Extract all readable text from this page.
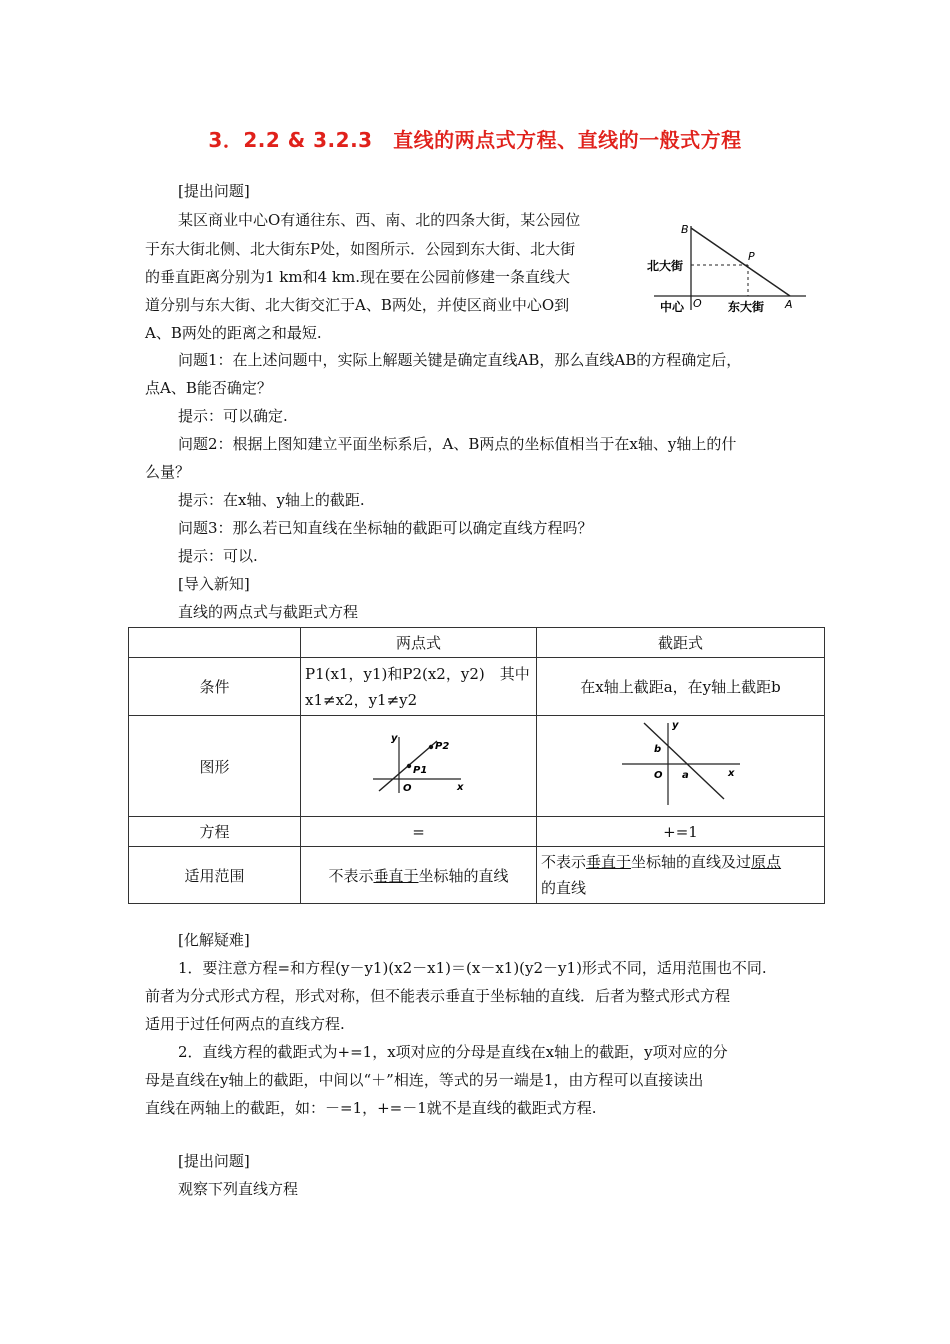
3．2.2 & 3.2.3　直线的两点式方程、直线的一般式方程
[提出问题]
某区商业中心O有通往东、西、南、北的四条大街，某公园位
于东大街北侧、北大街东P处，如图所示．公园到东大街、北大街
的垂直距离分别为1 km和4 km.现在要在公园前修建一条直线大
道分别与东大街、北大街交汇于A、B两处，并使区商业中心O到
A、B两处的距离之和最短.
B
P
北大街
中心 O 东大街 A
问题1：在上述问题中，实际上解题关键是确定直线AB，那么直线AB的方程确定后，
点A、B能否确定？
提示：可以确定.
问题2：根据上图知建立平面坐标系后，A、B两点的坐标值相当于在x轴、y轴上的什
么量？
提示：在x轴、y轴上的截距.
问题3：那么若已知直线在坐标轴的截距可以确定直线方程吗？
提示：可以.
[导入新知]
直线的两点式与截距式方程
	两点式	截距式
条件	P1(x1，y1)和P2(x2，y2)　其中
x1≠x2，y1≠y2	在x轴上截距a，在y轴上截距b
图形	y
x
O
P1
P2	y
x
O a
b

方程	=	+=1
适用范围	不表示垂直于坐标轴的直线	不表示垂直于坐标轴的直线及过原点
的直线
[化解疑难]
1．要注意方程=和方程(y－y1)(x2－x1)＝(x－x1)(y2－y1)形式不同，适用范围也不同.
前者为分式形式方程，形式对称，但不能表示垂直于坐标轴的直线．后者为整式形式方程
适用于过任何两点的直线方程.
2．直线方程的截距式为+=1，x项对应的分母是直线在x轴上的截距，y项对应的分
母是直线在y轴上的截距，中间以“＋”相连，等式的另一端是1，由方程可以直接读出
直线在两轴上的截距，如：－=1，+=－1就不是直线的截距式方程.
[提出问题]
观察下列直线方程
